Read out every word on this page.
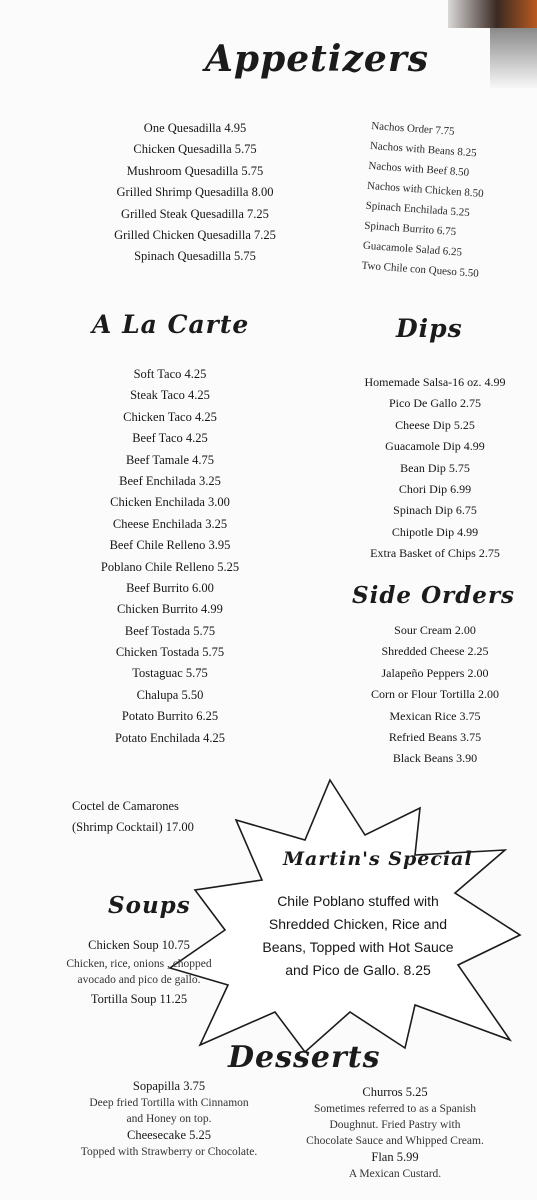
Appetizers
One Quesadilla 4.95
Chicken Quesadilla 5.75
Mushroom Quesadilla 5.75
Grilled Shrimp Quesadilla 8.00
Grilled Steak Quesadilla 7.25
Grilled Chicken Quesadilla 7.25
Spinach Quesadilla 5.75
Nachos Order 7.75
Nachos with Beans 8.25
Nachos with Beef 8.50
Nachos with Chicken 8.50
Spinach Enchilada 5.25
Spinach Burrito 6.75
Guacamole Salad 6.25
Two Chile con Queso 5.50
A La Carte
Soft Taco 4.25
Steak Taco 4.25
Chicken Taco 4.25
Beef Taco 4.25
Beef Tamale 4.75
Beef Enchilada 3.25
Chicken Enchilada 3.00
Cheese Enchilada 3.25
Beef Chile Relleno 3.95
Poblano Chile Relleno 5.25
Beef Burrito 6.00
Chicken Burrito 4.99
Beef Tostada 5.75
Chicken Tostada 5.75
Tostaguac 5.75
Chalupa 5.50
Potato Burrito 6.25
Potato Enchilada 4.25
Coctel de Camarones
(Shrimp Cocktail) 17.00
Dips
Homemade Salsa-16 oz. 4.99
Pico De Gallo 2.75
Cheese Dip 5.25
Guacamole Dip 4.99
Bean Dip 5.75
Chori Dip 6.99
Spinach Dip 6.75
Chipotle Dip 4.99
Extra Basket of Chips 2.75
Side Orders
Sour Cream 2.00
Shredded Cheese 2.25
Jalapeño Peppers 2.00
Corn or Flour Tortilla 2.00
Mexican Rice 3.75
Refried Beans 3.75
Black Beans 3.90
Martin's Special
Chile Poblano stuffed with
Shredded Chicken, Rice and
Beans, Topped with Hot Sauce
and Pico de Gallo. 8.25
Soups
Chicken Soup 10.75
Chicken, rice, onions , chopped
avocado and pico de gallo.
Tortilla Soup 11.25
Desserts
Sopapilla 3.75
Deep fried Tortilla with Cinnamon
and Honey on top.
Cheesecake 5.25
Topped with Strawberry or Chocolate.
Churros 5.25
Sometimes referred to as a Spanish
Doughnut. Fried Pastry with
Chocolate Sauce and Whipped Cream.
Flan 5.99
A Mexican Custard.
